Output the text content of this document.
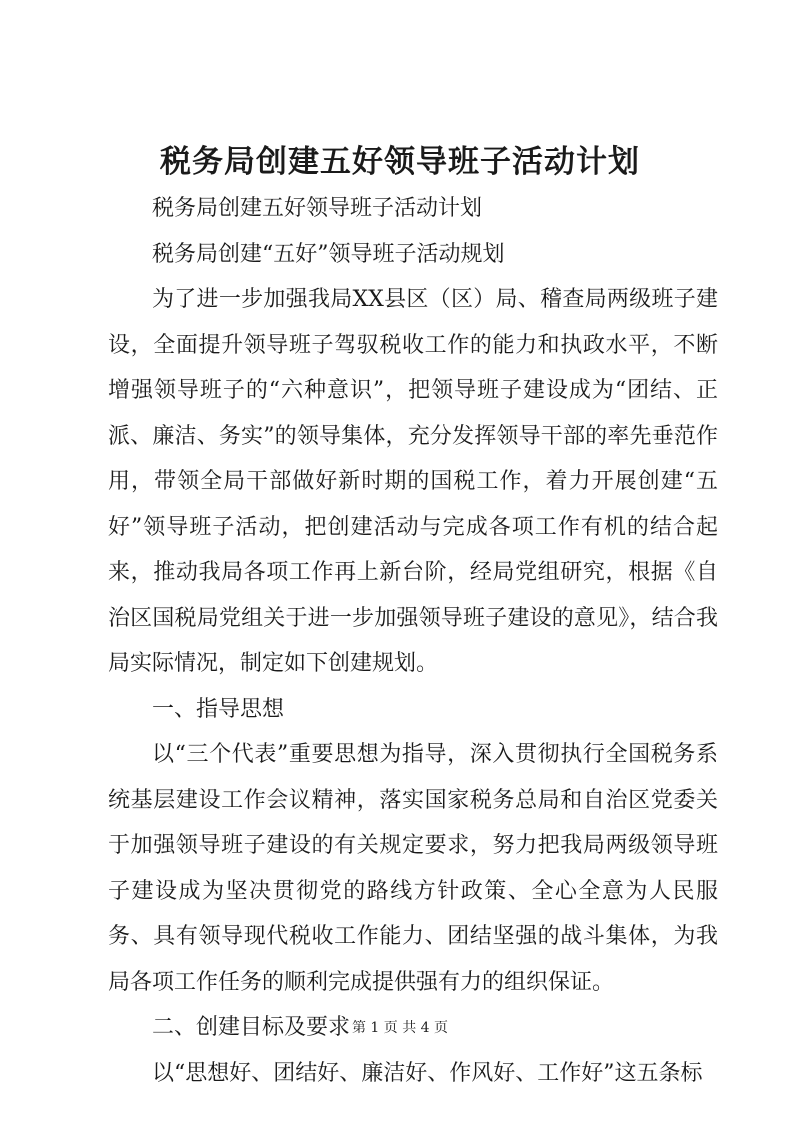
税务局创建五好领导班子活动计划

税务局创建五好领导班子活动计划

税务局创建“五好”领导班子活动规划

为了进一步加强我局XX县区（区）局、稽查局两级班子建设，全面提升领导班子驾驭税收工作的能力和执政水平，不断增强领导班子的“六种意识”，把领导班子建设成为“团结、正派、廉洁、务实”的领导集体，充分发挥领导干部的率先垂范作用，带领全局干部做好新时期的国税工作，着力开展创建“五好”领导班子活动，把创建活动与完成各项工作有机的结合起来，推动我局各项工作再上新台阶，经局党组研究，根据《自治区国税局党组关于进一步加强领导班子建设的意见》，结合我局实际情况，制定如下创建规划。

一、指导思想

以“三个代表”重要思想为指导，深入贯彻执行全国税务系统基层建设工作会议精神，落实国家税务总局和自治区党委关于加强领导班子建设的有关规定要求，努力把我局两级领导班子建设成为坚决贯彻党的路线方针政策、全心全意为人民服务、具有领导现代税收工作能力、团结坚强的战斗集体，为我局各项工作任务的顺利完成提供强有力的组织保证。

二、创建目标及要求

以“思想好、团结好、廉洁好、作风好、工作好”这五条标

第 1 页 共 4 页
